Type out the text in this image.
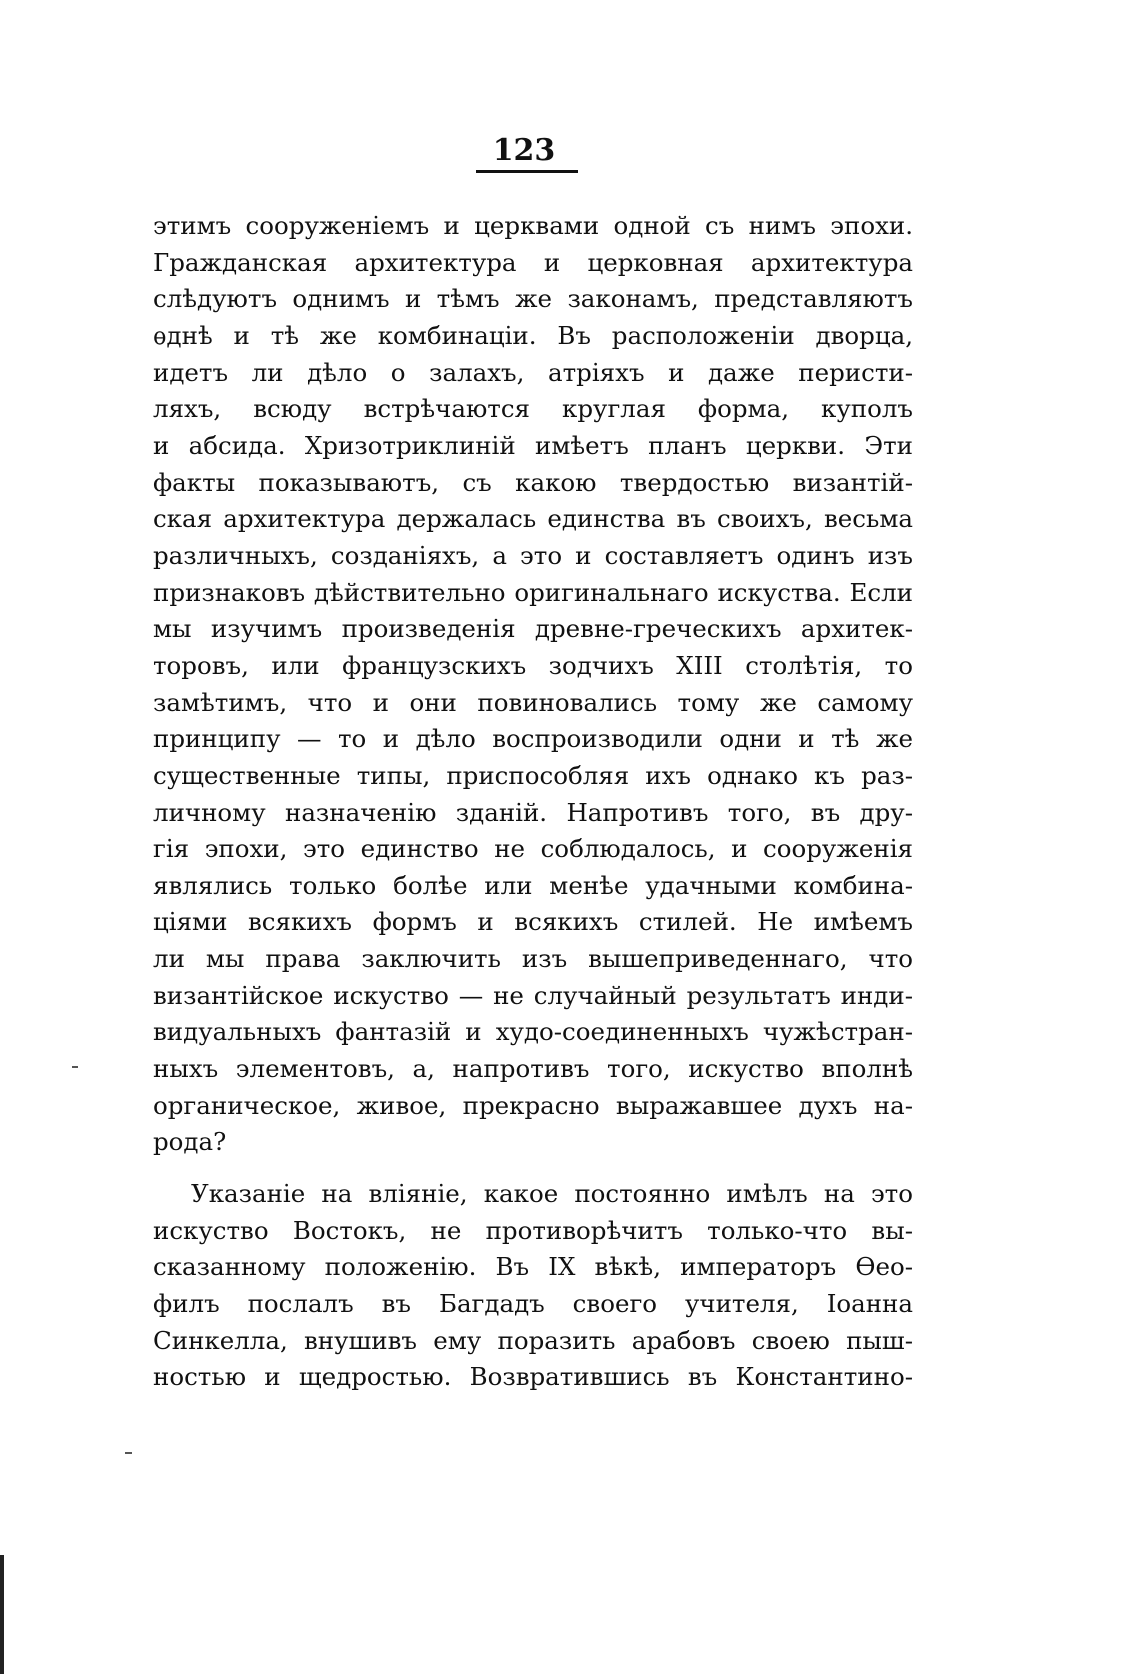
123
этимъ сооруженіемъ и церквами одной съ нимъ эпохи.
Гражданская архитектура и церковная архитектура
слѣдуютъ однимъ и тѣмъ же законамъ, представляютъ
ѳднѣ и тѣ же комбинаціи. Въ расположеніи дворца,
идетъ ли дѣло о залахъ, атріяхъ и даже перисти-
ляхъ, всюду встрѣчаются круглая форма, куполъ
и абсида. Хризотриклиній имѣетъ планъ церкви. Эти
факты показываютъ, съ какою твердостью византій-
ская архитектура держалась единства въ своихъ, весьма
различныхъ, созданіяхъ, а это и составляетъ одинъ изъ
признаковъ дѣйствительно оригинальнаго искуства. Если
мы изучимъ произведенія древне-греческихъ архитек-
торовъ, или французскихъ зодчихъ XIII столѣтія, то
замѣтимъ, что и они повиновались тому же самому
принципу — то и дѣло воспроизводили одни и тѣ же
существенные типы, приспособляя ихъ однако къ раз-
личному назначенію зданій. Напротивъ того, въ дру-
гія эпохи, это единство не соблюдалось, и сооруженія
являлись только болѣе или менѣе удачными комбина-
ціями всякихъ формъ и всякихъ стилей. Не имѣемъ
ли мы права заключить изъ вышеприведеннаго, что
византійское искуство — не случайный результатъ инди-
видуальныхъ фантазій и худо-соединенныхъ чужѣстран-
ныхъ элементовъ, а, напротивъ того, искуство вполнѣ
органическое, живое, прекрасно выражавшее духъ на-
рода?
Указаніе на вліяніе, какое постоянно имѣлъ на это
искуство Востокъ, не противорѣчитъ только-что вы-
сказанному положенію. Въ IX вѣкѣ, императоръ Ѳео-
филъ послалъ въ Багдадъ своего учителя, Іоанна
Синкелла, внушивъ ему поразить арабовъ своею пыш-
ностью и щедростью. Возвратившись въ Константино-
